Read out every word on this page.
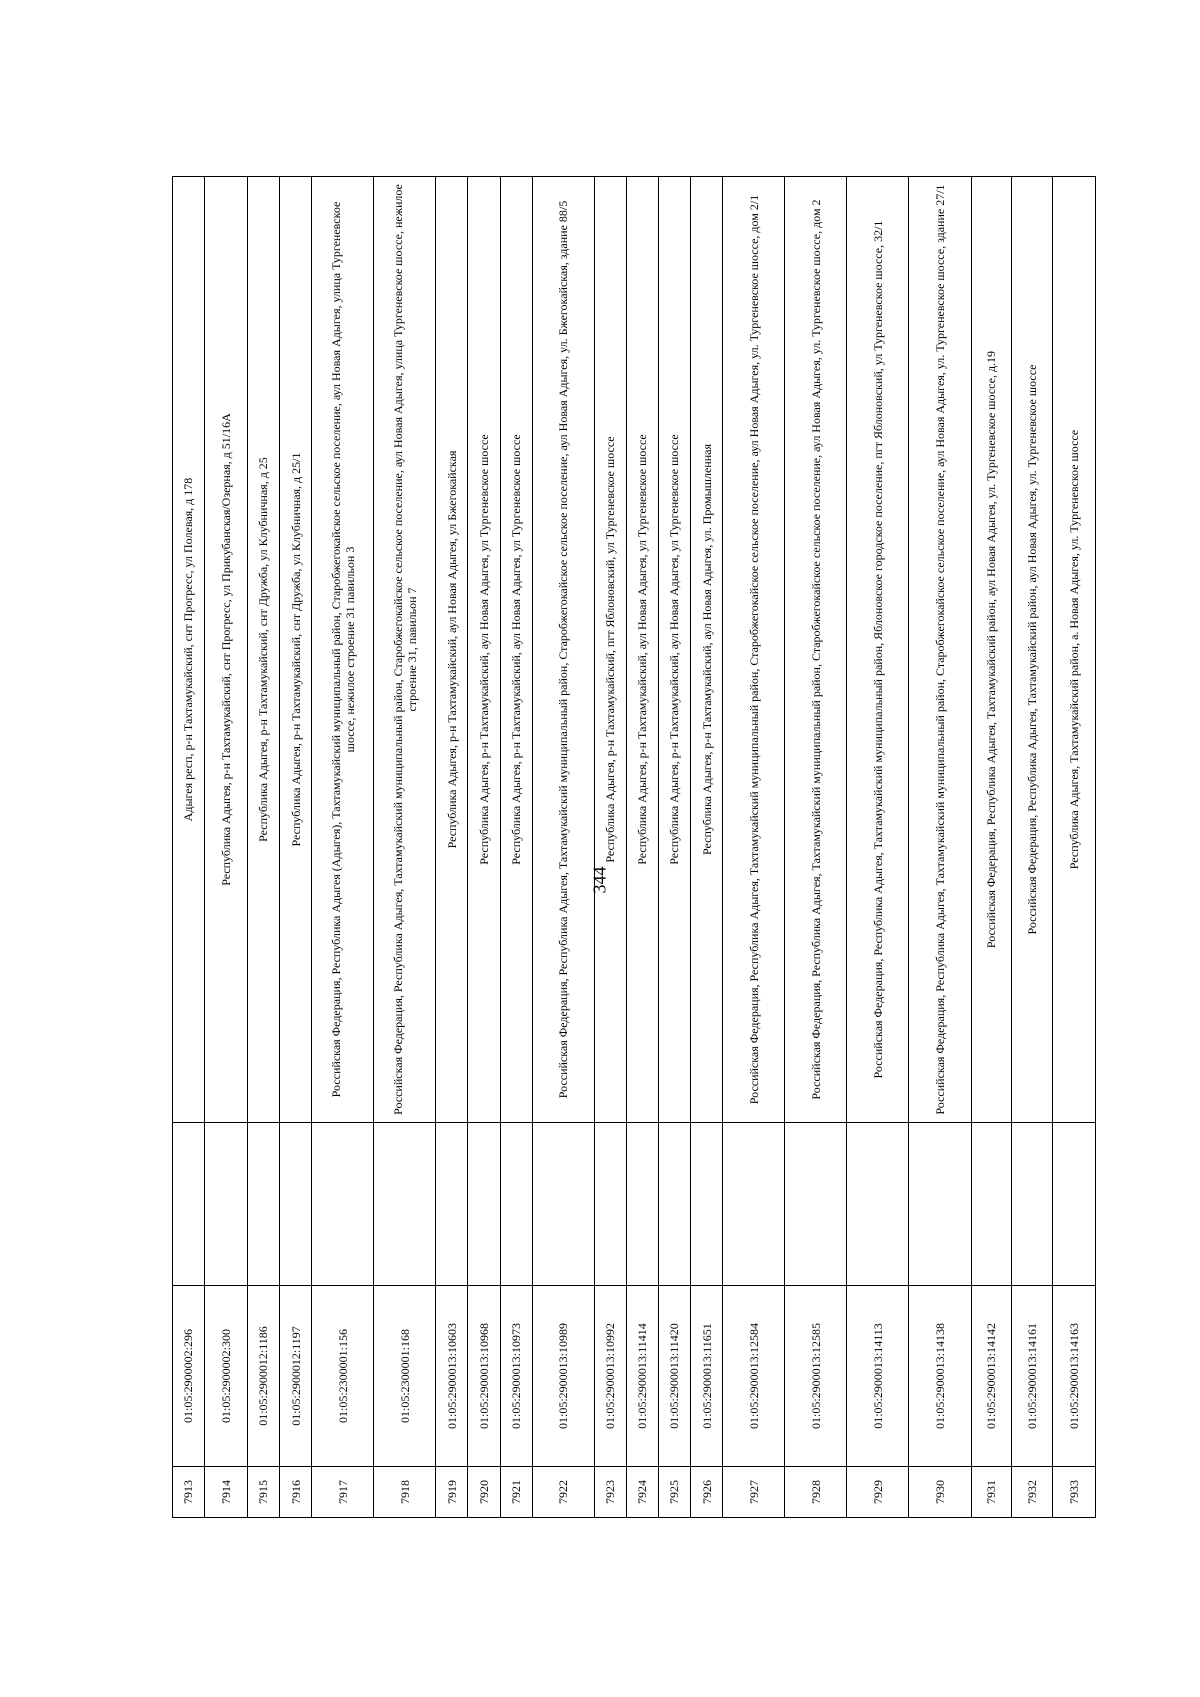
344
7913	01:05:2900002:296		Адыгея респ, р-н Тахтамукайский, снт Прогресс, ул Полевая, д 178
7914	01:05:2900002:300		Республика Адыгея, р-н Тахтамукайский, снт Прогресс, ул Прикубанская/Озерная, д 51/16А
7915	01:05:2900012:1186		Республика Адыгея, р-н Тахтамукайский, снт Дружба, ул Клубничная, д 25
7916	01:05:2900012:1197		Республика Адыгея, р-н Тахтамукайский, снт Дружба, ул Клубничная, д 25/1
7917	01:05:2300001:156		Российская Федерация, Республика Адыгея (Адыгея), Тахтамукайский муниципальный район, Старобжегокайское сельское поселение, аул Новая Адыгея, улица Тургеневское шоссе, нежилое строение 31 павильон 3
7918	01:05:2300001:168		Российская Федерация, Республика Адыгея, Тахтамукайский муниципальный район, Старобжегокайское сельское поселение, аул Новая Адыгея, улица Тургеневское шоссе, нежилое строение 31, павильон 7
7919	01:05:2900013:10603		Республика Адыгея, р-н Тахтамукайский, аул Новая Адыгея, ул Бжегокайская
7920	01:05:2900013:10968		Республика Адыгея, р-н Тахтамукайский, аул Новая Адыгея, ул Тургеневское шоссе
7921	01:05:2900013:10973		Республика Адыгея, р-н Тахтамукайский, аул Новая Адыгея, ул Тургеневское шоссе
7922	01:05:2900013:10989		Российская Федерация, Республика Адыгея, Тахтамукайский муниципальный район, Старобжегокайское сельское поселение, аул Новая Адыгея, ул. Бжегокайская, здание 88/5
7923	01:05:2900013:10992		Республика Адыгея, р-н Тахтамукайский, пгт Яблоновский, ул Тургеневское шоссе
7924	01:05:2900013:11414		Республика Адыгея, р-н Тахтамукайский, аул Новая Адыгея, ул Тургеневское шоссе
7925	01:05:2900013:11420		Республика Адыгея, р-н Тахтамукайский, аул Новая Адыгея, ул Тургеневское шоссе
7926	01:05:2900013:11651		Республика Адыгея, р-н Тахтамукайский, аул Новая Адыгея, ул. Промышленная
7927	01:05:2900013:12584		Российская Федерация, Республика Адыгея, Тахтамукайский муниципальный район, Старобжегокайское сельское поселение, аул Новая Адыгея, ул. Тургеневское шоссе, дом 2/1
7928	01:05:2900013:12585		Российская Федерация, Республика Адыгея, Тахтамукайский муниципальный район, Старобжегокайское сельское поселение, аул Новая Адыгея, ул. Тургеневское шоссе, дом 2
7929	01:05:2900013:14113		Российская Федерация, Республика Адыгея, Тахтамукайский муниципальный район, Яблоновское городское поселение, пгт Яблоновский, ул Тургеневское шоссе, 32/1
7930	01:05:2900013:14138		Российская Федерация, Республика Адыгея, Тахтамукайский муниципальный район, Старобжегокайское сельское поселение, аул Новая Адыгея, ул. Тургеневское шоссе, здание 27/1
7931	01:05:2900013:14142		Российская Федерация, Республика Адыгея, Тахтамукайский район, аул Новая Адыгея, ул. Тургеневское шоссе, д.19
7932	01:05:2900013:14161		Российская Федерация, Республика Адыгея, Тахтамукайский район, аул Новая Адыгея, ул. Тургеневское шоссе
7933	01:05:2900013:14163		Республика Адыгея, Тахтамукайский район, а. Новая Адыгея, ул. Тургеневское шоссе
